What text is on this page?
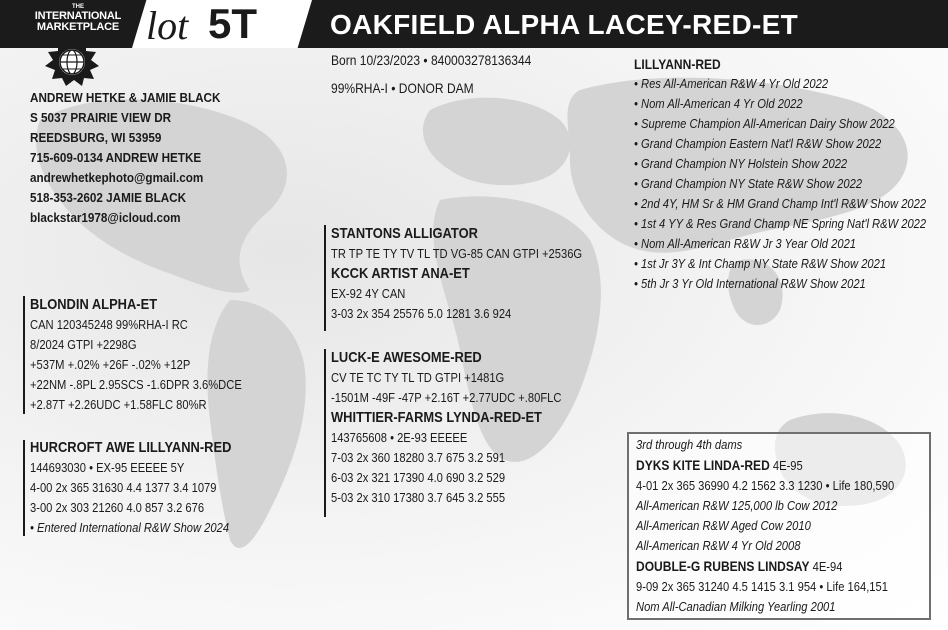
THE
INTERNATIONAL
MARKETPLACE lot 5T	OAKFIELD ALPHA LACEY-RED-ET
ANDREW HETKE & JAMIE BLACK
S 5037 PRAIRIE VIEW DR
REEDSBURG, WI 53959
715-609-0134 ANDREW HETKE
andrewhetkephoto@gmail.com
518-353-2602 JAMIE BLACK
blackstar1978@icloud.com
Born 10/23/2023 • 840003278136344
99%RHA-I • DONOR DAM
BLONDIN ALPHA-ET
CAN 120345248 99%RHA-I RC
8/2024 GTPI +2298G
+537M +.02% +26F -.02% +12P
+22NM -.8PL 2.95SCS -1.6DPR 3.6%DCE
+2.87T +2.26UDC +1.58FLC 80%R
HURCROFT AWE LILLYANN-RED
144693030 • EX-95 EEEEE 5Y
4-00 2x 365 31630 4.4 1377 3.4 1079
3-00 2x 303 21260 4.0 857 3.2 676
• Entered International R&W Show 2024
STANTONS ALLIGATOR
TR TP TE TY TV TL TD VG-85 CAN GTPI +2536G
KCCK ARTIST ANA-ET
EX-92 4Y CAN
3-03 2x 354 25576 5.0 1281 3.6 924
LUCK-E AWESOME-RED
CV TE TC TY TL TD GTPI +1481G
-1501M -49F -47P +2.16T +2.77UDC +.80FLC
WHITTIER-FARMS LYNDA-RED-ET
143765608 • 2E-93 EEEEE
7-03 2x 360 18280 3.7 675 3.2 591
6-03 2x 321 17390 4.0 690 3.2 529
5-03 2x 310 17380 3.7 645 3.2 555
LILLYANN-RED
• Res All-American R&W 4 Yr Old 2022
• Nom All-American 4 Yr Old 2022
• Supreme Champion All-American Dairy Show 2022
• Grand Champion Eastern Nat'l R&W Show 2022
• Grand Champion NY Holstein Show 2022
• Grand Champion NY State R&W Show 2022
• 2nd 4Y, HM Sr & HM Grand Champ Int'l R&W Show 2022
• 1st 4 YY & Res Grand Champ NE Spring Nat'l R&W 2022
• Nom All-American R&W Jr 3 Year Old 2021
• 1st Jr 3Y & Int Champ NY State R&W Show 2021
• 5th Jr 3 Yr Old International R&W Show 2021
3rd through 4th dams
DYKS KITE LINDA-RED 4E-95
4-01 2x 365 36990 4.2 1562 3.3 1230 • Life 180,590
All-American R&W 125,000 lb Cow 2012
All-American R&W Aged Cow 2010
All-American R&W 4 Yr Old 2008
DOUBLE-G RUBENS LINDSAY 4E-94
9-09 2x 365 31240 4.5 1415 3.1 954 • Life 164,151
Nom All-Canadian Milking Yearling 2001
